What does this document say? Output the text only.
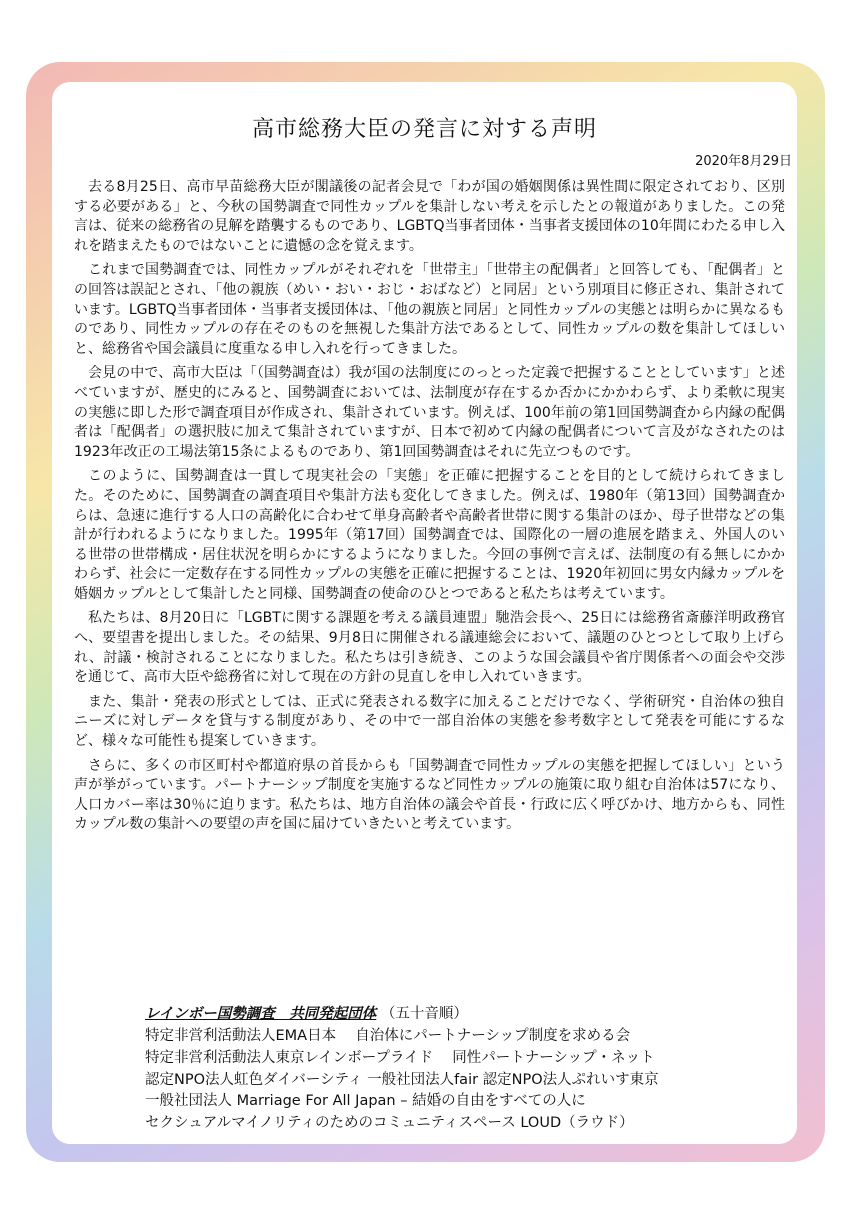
高市総務大臣の発言に対する声明
2020年8月29日

去る8月25日、高市早苗総務大臣が閣議後の記者会見で「わが国の婚姻関係は異性間に限定されており、区別する必要がある」と、今秋の国勢調査で同性カップルを集計しない考えを示したとの報道がありました。この発言は、従来の総務省の見解を踏襲するものであり、LGBTQ当事者団体・当事者支援団体の10年間にわたる申し入れを踏まえたものではないことに遺憾の念を覚えます。

これまで国勢調査では、同性カップルがそれぞれを「世帯主」「世帯主の配偶者」と回答しても、「配偶者」との回答は誤記とされ、「他の親族（めい・おい・おじ・おばなど）と同居」という別項目に修正され、集計されています。LGBTQ当事者団体・当事者支援団体は、「他の親族と同居」と同性カップルの実態とは明らかに異なるものであり、同性カップルの存在そのものを無視した集計方法であるとして、同性カップルの数を集計してほしいと、総務省や国会議員に度重なる申し入れを行ってきました。

会見の中で、高市大臣は「（国勢調査は）我が国の法制度にのっとった定義で把握することとしています」と述べていますが、歴史的にみると、国勢調査においては、法制度が存在するか否かにかかわらず、より柔軟に現実の実態に即した形で調査項目が作成され、集計されています。例えば、100年前の第1回国勢調査から内縁の配偶者は「配偶者」の選択肢に加えて集計されていますが、日本で初めて内縁の配偶者について言及がなされたのは1923年改正の工場法第15条によるものであり、第1回国勢調査はそれに先立つものです。

このように、国勢調査は一貫して現実社会の「実態」を正確に把握することを目的として続けられてきました。そのために、国勢調査の調査項目や集計方法も変化してきました。例えば、1980年（第13回）国勢調査からは、急速に進行する人口の高齢化に合わせて単身高齢者や高齢者世帯に関する集計のほか、母子世帯などの集計が行われるようになりました。1995年（第17回）国勢調査では、国際化の一層の進展を踏まえ、外国人のいる世帯の世帯構成・居住状況を明らかにするようになりました。今回の事例で言えば、法制度の有る無しにかかわらず、社会に一定数存在する同性カップルの実態を正確に把握することは、1920年初回に男女内縁カップルを婚姻カップルとして集計したと同様、国勢調査の使命のひとつであると私たちは考えています。

私たちは、8月20日に「LGBTに関する課題を考える議員連盟」馳浩会長へ、25日には総務省斎藤洋明政務官へ、要望書を提出しました。その結果、9月8日に開催される議連総会において、議題のひとつとして取り上げられ、討議・検討されることになりました。私たちは引き続き、このような国会議員や省庁関係者への面会や交渉を通じて、高市大臣や総務省に対して現在の方針の見直しを申し入れていきます。

また、集計・発表の形式としては、正式に発表される数字に加えることだけでなく、学術研究・自治体の独自ニーズに対しデータを貸与する制度があり、その中で一部自治体の実態を参考数字として発表を可能にするなど、様々な可能性も提案していきます。

さらに、多くの市区町村や都道府県の首長からも「国勢調査で同性カップルの実態を把握してほしい」という声が挙がっています。パートナーシップ制度を実施するなど同性カップルの施策に取り組む自治体は57になり、人口カバー率は30％に迫ります。私たちは、地方自治体の議会や首長・行政に広く呼びかけ、地方からも、同性カップル数の集計への要望の声を国に届けていきたいと考えています。

レインボー国勢調査　共同発起団体 （五十音順）

特定非営利活動法人EMA日本　 自治体にパートナーシップ制度を求める会

特定非営利活動法人東京レインボープライド　 同性パートナーシップ・ネット

認定NPO法人虹色ダイバーシティ 一般社団法人fair 認定NPO法人ぷれいす東京

一般社団法人 Marriage For All Japan – 結婚の自由をすべての人に

セクシュアルマイノリティのためのコミュニティスペース LOUD（ラウド）
